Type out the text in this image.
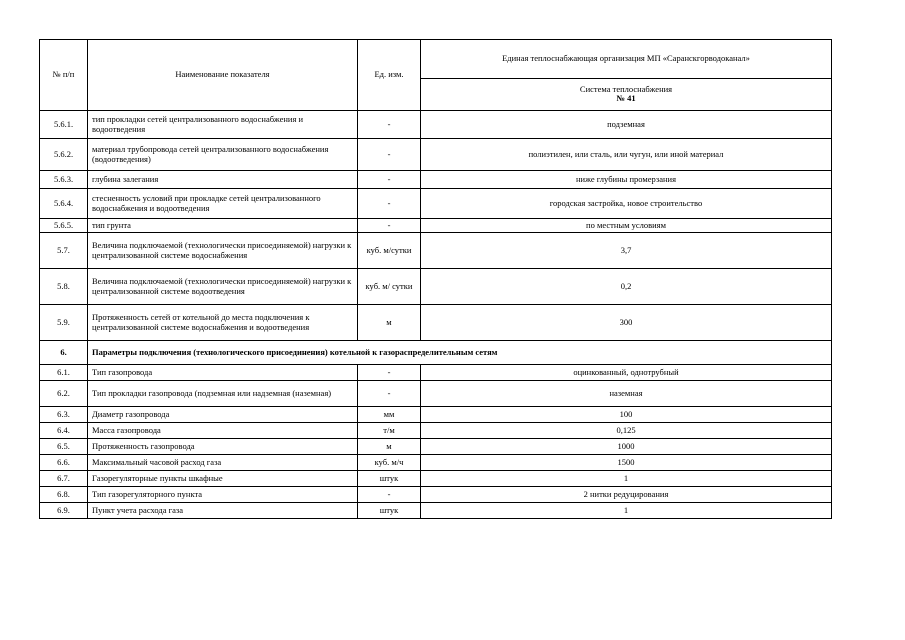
№ п/п	Наименование показателя	Ед. изм.	Единая теплоснабжающая организация МП «Саранскгорводоканал»

			Система теплоснабжения
№ 41

5.6.1.	тип прокладки сетей централизованного водоснабжения и водоотведения	-	подземная
5.6.2.	материал трубопровода сетей централизованного водоснабжения (водоотведения)	-	полиэтилен, или сталь, или чугун, или иной материал
5.6.3.	глубина залегания	-	ниже глубины промерзания
5.6.4.	стесненность условий при прокладке сетей централизованного водоснабжения и водоотведения	-	городская застройка, новое строительство
5.6.5.	тип грунта	-	по местным условиям
5.7.	Величина подключаемой (технологически присоединяемой) нагрузки к централизованной системе водоснабжения	куб. м/сутки	3,7
5.8.	Величина подключаемой (технологически присоединяемой) нагрузки к централизованной системе водоотведения	куб. м/ сутки	0,2
5.9.	Протяженность сетей от котельной до места подключения к централизованной системе водоснабжения и водоотведения	м	300
6.	Параметры подключения (технологического присоединения) котельной к газораспределительным сетям		
6.1.	Тип газопровода	-	оцинкованный, однотрубный
6.2.	Тип прокладки газопровода (подземная или надземная (наземная)	-	наземная
6.3.	Диаметр газопровода	мм	100
6.4.	Масса газопровода	т/м	0,125
6.5.	Протяженность газопровода	м	1000
6.6.	Максимальный часовой расход газа	куб. м/ч	1500
6.7.	Газорегуляторные пункты шкафные	штук	1
6.8.	Тип газорегуляторного пункта	-	2 нитки редуцирования
6.9.	Пункт учета расхода газа	штук	1
